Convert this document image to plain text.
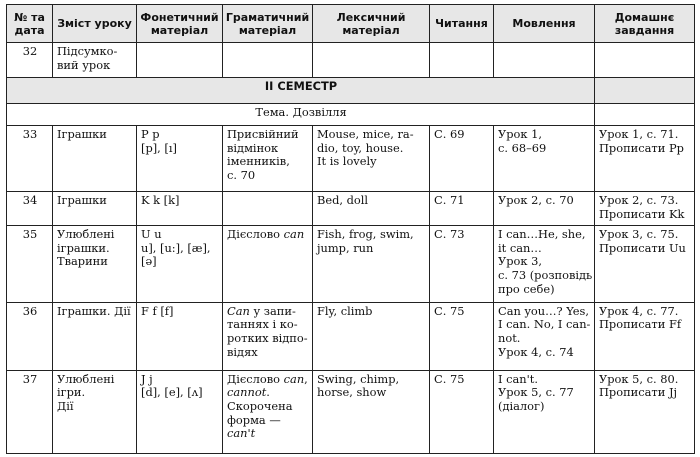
№ та
дата	Зміст уроку	Фонетичний
матеріал	Граматичний
матеріал	Лексичний
матеріал	Читання	Мовлення	Домашнє
завдання

32	Підсумко-
вий урок						

II СЕМЕСТР							
Тема. Дозвілля							
33	Іграшки	P p
[p], [ı]	Присвійний
відмінок
іменників,
с. 70	Mouse, mice, ra-
dio, toy, house.
It is lovely	С. 69	Урок 1,
с. 68–69	Урок 1, с. 71.
Прописати Pp

34	Іграшки	K k [k]		Bed, doll	С. 71	Урок 2, с. 70	Урок 2, с. 73.
Прописати Kk

35	Улюблені
іграшки.
Тварини	U u
u], [u:], [æ],
[ə]	Дієслово can	Fish, frog, swim,
jump, run	С. 73	I can…He, she,
it can…
Урок 3,
с. 73 (розповідь
про себе)	Урок 3, с. 75.
Прописати Uu

36	Іграшки. Дії	F f [f]	Can у запи-
таннях і ко-
ротких відпо-
відях	Fly, climb	С. 75	Can you…? Yes,
I can. No, I can-
not.
Урок 4, с. 74	Урок 4, с. 77.
Прописати Ff

37	Улюблені
ігри.
Дії	J j
[d], [e], [ʌ]	Дієслово can,
cannot.
Скорочена
форма —
can't	Swing, chimp,
horse, show	С. 75	I can't.
Урок 5, с. 77
(діалог)	Урок 5, с. 80.
Прописати Jj
